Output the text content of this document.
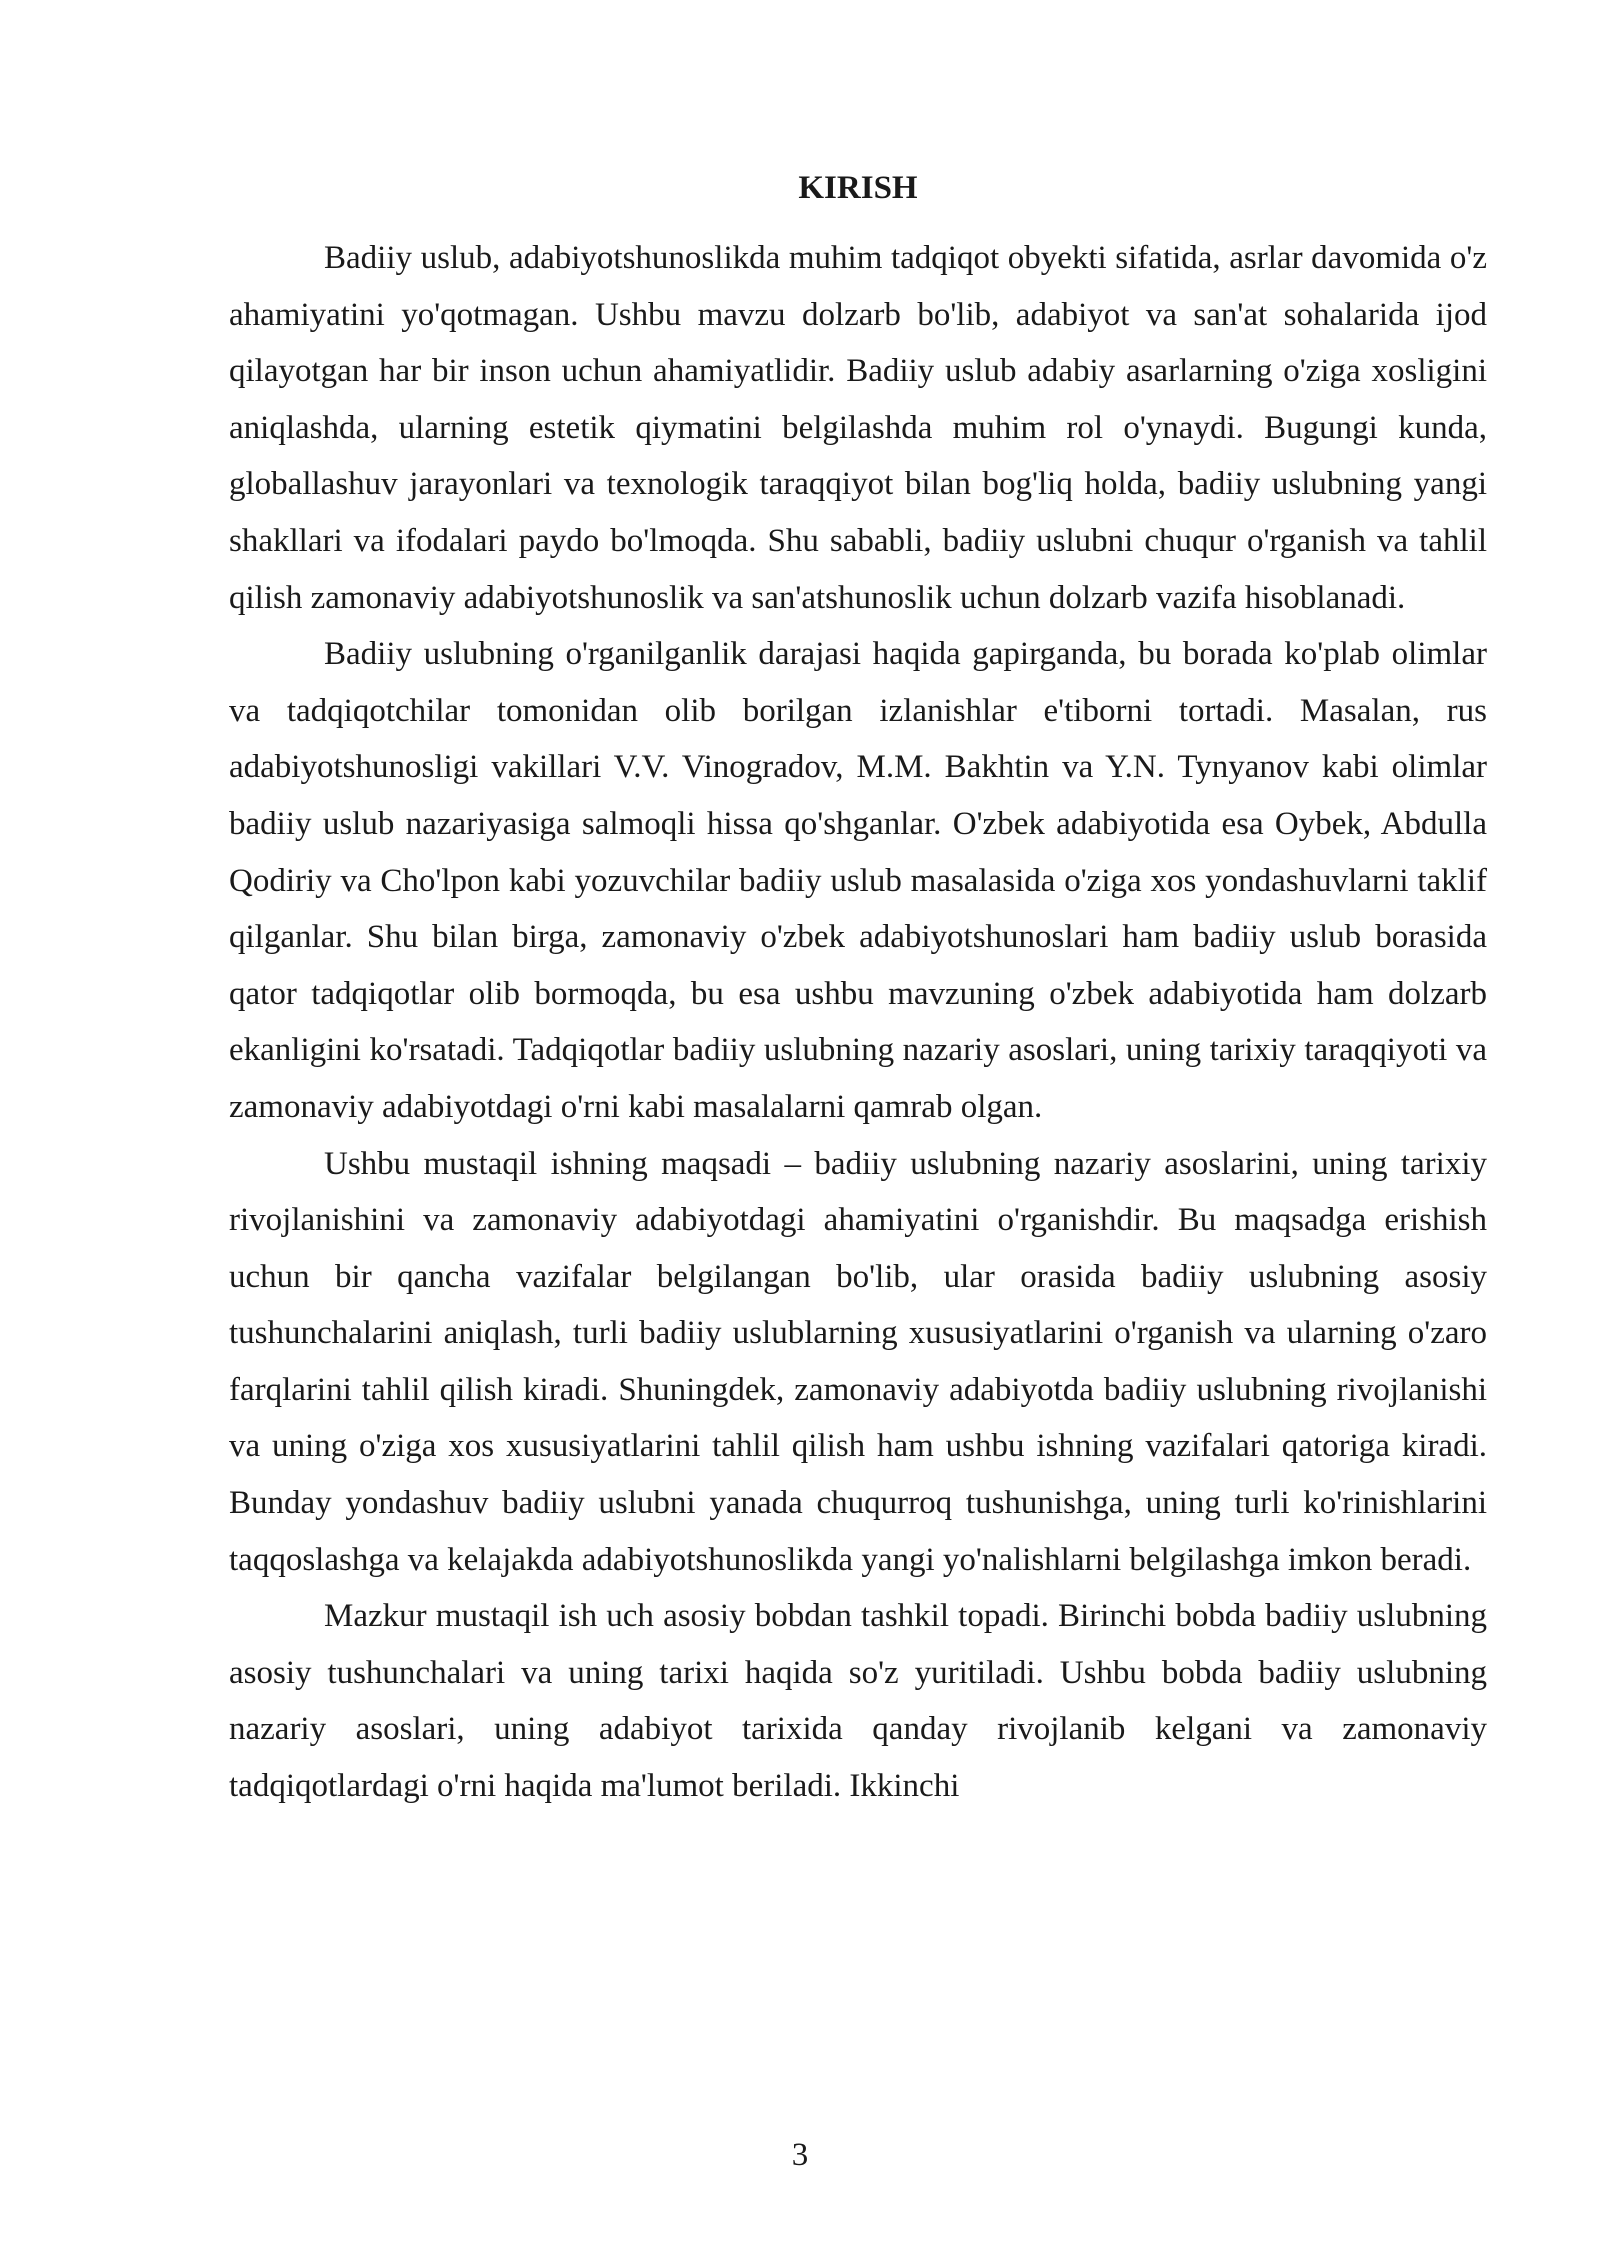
KIRISH

Badiiy uslub, adabiyotshunoslikda muhim tadqiqot obyekti sifatida, asrlar davomida o'z ahamiyatini yo'qotmagan. Ushbu mavzu dolzarb bo'lib, adabiyot va san'at sohalarida ijod qilayotgan har bir inson uchun ahamiyatlidir. Badiiy uslub adabiy asarlarning o'ziga xosligini aniqlashda, ularning estetik qiymatini belgilashda muhim rol o'ynaydi. Bugungi kunda, globallashuv jarayonlari va texnologik taraqqiyot bilan bog'liq holda, badiiy uslubning yangi shakllari va ifodalari paydo bo'lmoqda. Shu sababli, badiiy uslubni chuqur o'rganish va tahlil qilish zamonaviy adabiyotshunoslik va san'atshunoslik uchun dolzarb vazifa hisoblanadi.

Badiiy uslubning o'rganilganlik darajasi haqida gapirganda, bu borada ko'plab olimlar va tadqiqotchilar tomonidan olib borilgan izlanishlar e'tiborni tortadi. Masalan, rus adabiyotshunosligi vakillari V.V. Vinogradov, M.M. Bakhtin va Y.N. Tynyanov kabi olimlar badiiy uslub nazariyasiga salmoqli hissa qo'shganlar. O'zbek adabiyotida esa Oybek, Abdulla Qodiriy va Cho'lpon kabi yozuvchilar badiiy uslub masalasida o'ziga xos yondashuvlarni taklif qilganlar. Shu bilan birga, zamonaviy o'zbek adabiyotshunoslari ham badiiy uslub borasida qator tadqiqotlar olib bormoqda, bu esa ushbu mavzuning o'zbek adabiyotida ham dolzarb ekanligini ko'rsatadi. Tadqiqotlar badiiy uslubning nazariy asoslari, uning tarixiy taraqqiyoti va zamonaviy adabiyotdagi o'rni kabi masalalarni qamrab olgan.

Ushbu mustaqil ishning maqsadi – badiiy uslubning nazariy asoslarini, uning tarixiy rivojlanishini va zamonaviy adabiyotdagi ahamiyatini o'rganishdir. Bu maqsadga erishish uchun bir qancha vazifalar belgilangan bo'lib, ular orasida badiiy uslubning asosiy tushunchalarini aniqlash, turli badiiy uslublarning xususiyatlarini o'rganish va ularning o'zaro farqlarini tahlil qilish kiradi. Shuningdek, zamonaviy adabiyotda badiiy uslubning rivojlanishi va uning o'ziga xos xususiyatlarini tahlil qilish ham ushbu ishning vazifalari qatoriga kiradi. Bunday yondashuv badiiy uslubni yanada chuqurroq tushunishga, uning turli ko'rinishlarini taqqoslashga va kelajakda adabiyotshunoslikda yangi yo'nalishlarni belgilashga imkon beradi.

Mazkur mustaqil ish uch asosiy bobdan tashkil topadi. Birinchi bobda badiiy uslubning asosiy tushunchalari va uning tarixi haqida so'z yuritiladi. Ushbu bobda badiiy uslubning nazariy asoslari, uning adabiyot tarixida qanday rivojlanib kelgani va zamonaviy tadqiqotlardagi o'rni haqida ma'lumot beriladi. Ikkinchi

3
